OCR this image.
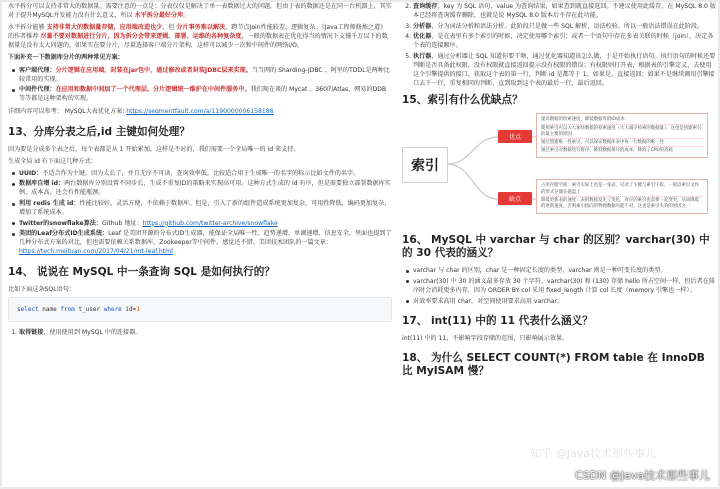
水平拆分可以支持非常大的数据量。需要注意的一点是：分表仅仅是解决了单一表数据过大的问题，但由于表的数据还是在同一台机器上，其实对于提升MySQL并发能力没有什么意义，所以 水平拆分最好分库。

水平拆分能够 支持非常大的数据量存储，应用端改造也少，但 分片事务难以解决，跨节点Join性能较差，逻辑复杂。《Java工程师修炼之道》的作者推荐 尽量不要对数据进行分片，因为拆分会带来逻辑、部署、运维的各种复杂度，一般的数据表在优化得当的情况下支撑千万以下的数据量是没有太大问题的。如果实在要分片，尽量选择客户端分片架构，这样可以减少一次和中间件的网络I/O。

下面补充一下数据库分片的两种常见方案：

客户端代理：分片逻辑在应用端，封装在jar包中，通过修改或者封装JDBC层来实现。当当网的 Sharding-JDBC 、阿里的TDDL是两种比较常用的实现。
中间件代理：在应用和数据中间加了一个代理层。分片逻辑统一维护在中间件服务中。我们现在谈的 Mycat 、360的Atlas、网易的DDB等等都是这种架构的实现。

详细内容可以参考： MySQL大表优化方案: https://segmentfault.com/a/1190000006158186

13、分库分表之后,id 主键如何处理？

因为要是分成多个表之后，每个表都是从 1 开始累加，这样是不对的，我们需要一个全局唯一的 id 来支持。

生成全局 id 有下面这几种方式：

UUID：不适合作为主键，因为太长了，并且无序不可读，查询效率低。比较适合用于生成唯一的名字的标示比如文件的名字。
数据库自增 id：两台数据库分别设置不同步长，生成不重复ID的策略来实现高可用。这种方式生成的 id 有序，但是需要独立部署数据库实例，成本高，还会有性能瓶颈。
利用 redis 生成 id：性能比较好，灵活方便，不依赖于数据库。但是，引入了新的组件造成系统更加复杂，可用性降低，编码更加复杂，增加了系统成本。
Twitter的snowflake算法：Github 地址：https://github.com/twitter-archive/snowflake
美团的Leaf分布式ID生成系统：Leaf 是美团开源的分布式ID生成器，能保证全局唯一性、趋势递增、单调递增、信息安全，里面也提到了几种分布式方案的对比，但也需要依赖关系数据库、Zookeeper等中间件。感觉还不错。美团技术团队的一篇文章：https://tech.meituan.com/2017/04/21/mt-leaf.html
14、 说说在 MySQL 中一条查询 SQL 是如何执行的？

比如下面这条SQL语句：

select name from t_user where id=1
1. 取得链接，使用使用到 MySQL 中的连接器。
2. 查询缓存，key 为 SQL 语句，value 为查询结果，如果查到就直接返回。不建议使用此缓存，在 MySQL 8.0 版本已经将查询缓存删除，也就是说 MySQL 8.0 版本后不存在此功能。
3. 分析器，分为词法分析和语法分析。此阶段只是做一些 SQL 解析，语法校验。所以一般语法错误在此阶段。
4. 优化器，是在表里有多个索引的时候，决定使用哪个索引；或者一个语句中存在多表关联的时候（join），决定各个表的连接顺序。
5. 执行器，通过分析器让 SQL 知道你要干啥，通过优化器知道该怎么做，于是开始执行语句。执行语句的时候还要判断是否具备此权限，没有权限就直接返回提示没有权限的错误；有权限则打开表，根据表的引擎定义，去使用这个引擎提供的接口，获取这个表的第一行，判断 id 是都等于 1。如果是，直接返回；如果不是继续调用引擎接口去下一行，重复相同的判断，直到取到这个表的最后一行，最后返回。
15、索引有什么优缺点？
索引
优点
缺点
提高数据的检索速度，降低数据库的IO成本
使用索引可以大大加快数据的检索速度（大大减少检索的数据量），这也是创建索引的最主要的原因
通过创建唯一性索引，可以保证数据库表中每一行数据的唯一性
通过索引对数据进行排序，降低数据排序的成本，降低了CPU的消耗
占用存储空间：索引实际上也是一张表，记录了主键与索引字段，一般以索引文件的形式存储在磁盘上
降低更新表的速度：表的数据发生了变化，对应的索引也需要一起变更，从而降低的更新速度。否则索引指向的物理数据可能不对，这也是索引失效的原因之一
16、 MySQL 中 varchar 与 char 的区别？varchar(30) 中的 30 代表的涵义？
varchar 与 char 的区别，char 是一种固定长度的类型，varchar 则是一种可变长度的类型。
varchar(30) 中 30 的涵义最多存放 30 个字符。varchar(30) 和 (130) 存储 hello 所占空间一样，但后者在排序时会消耗更多内存，因为 ORDER BY col 采用 fixed_length 计算 col 长度（memory 引擎也一样）。
对效率要求高用 char，对空间使用要求高用 varchar。
17、 int(11) 中的 11 代表什么涵义？

int(11) 中的 11，不影响字段存储的范围，只影响展示效果。

18、 为什么 SELECT COUNT(*) FROM table 在 InnoDB 比 MyISAM 慢？
知乎 @Java技术那些事儿
CSDN @Java技术那些事儿
